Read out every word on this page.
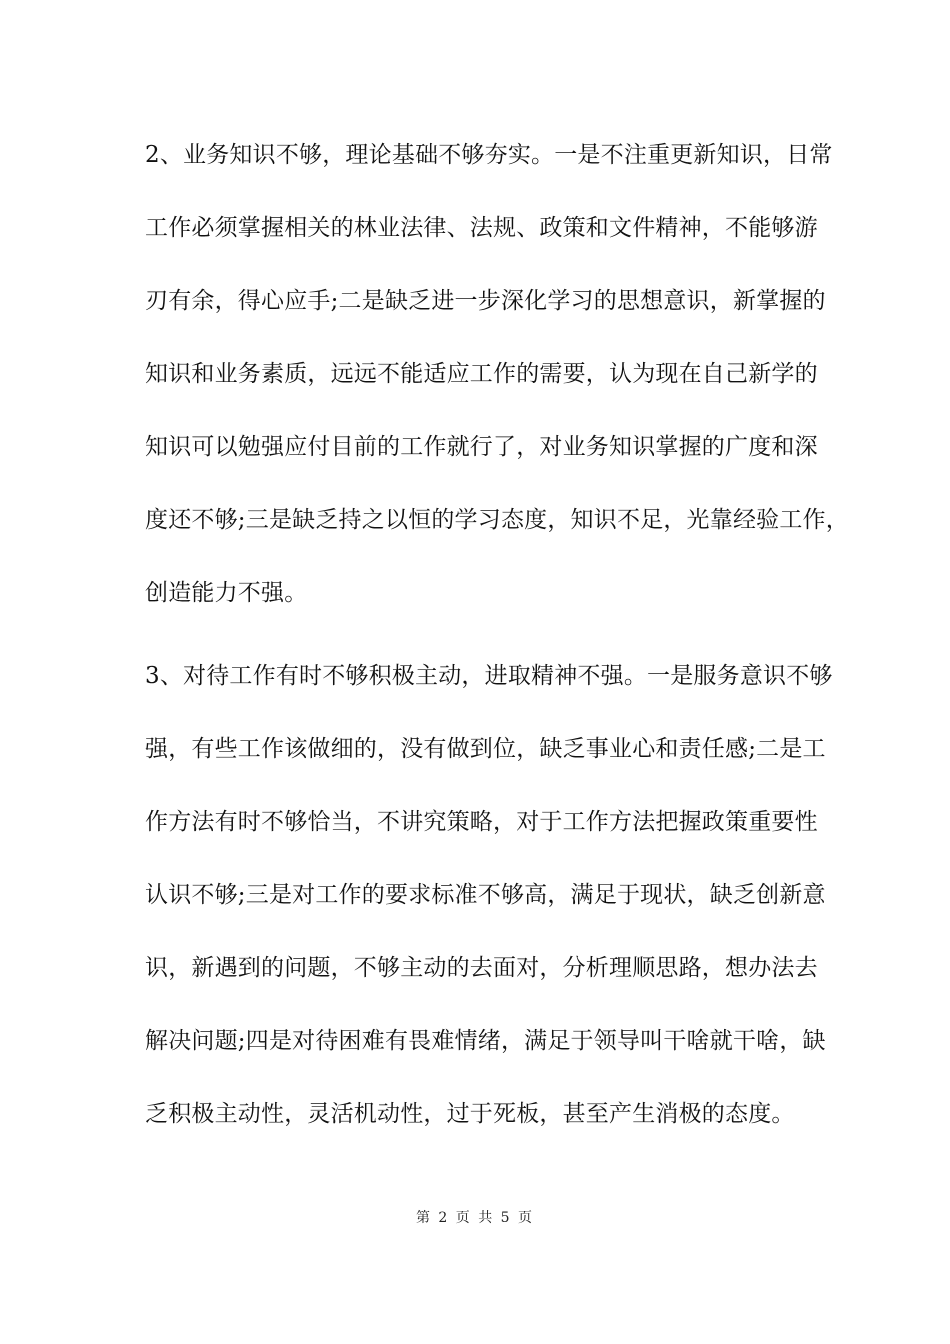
2、业务知识不够，理论基础不够夯实。一是不注重更新知识，日常
工作必须掌握相关的林业法律、法规、政策和文件精神，不能够游
刃有余，得心应手;二是缺乏进一步深化学习的思想意识，新掌握的
知识和业务素质，远远不能适应工作的需要，认为现在自己新学的
知识可以勉强应付目前的工作就行了，对业务知识掌握的广度和深
度还不够;三是缺乏持之以恒的学习态度，知识不足，光靠经验工作，
创造能力不强。
3、对待工作有时不够积极主动，进取精神不强。一是服务意识不够
强，有些工作该做细的，没有做到位，缺乏事业心和责任感;二是工
作方法有时不够恰当，不讲究策略，对于工作方法把握政策重要性
认识不够;三是对工作的要求标准不够高，满足于现状，缺乏创新意
识，新遇到的问题，不够主动的去面对，分析理顺思路，想办法去
解决问题;四是对待困难有畏难情绪，满足于领导叫干啥就干啥，缺
乏积极主动性，灵活机动性，过于死板，甚至产生消极的态度。
第 2 页 共 5 页
